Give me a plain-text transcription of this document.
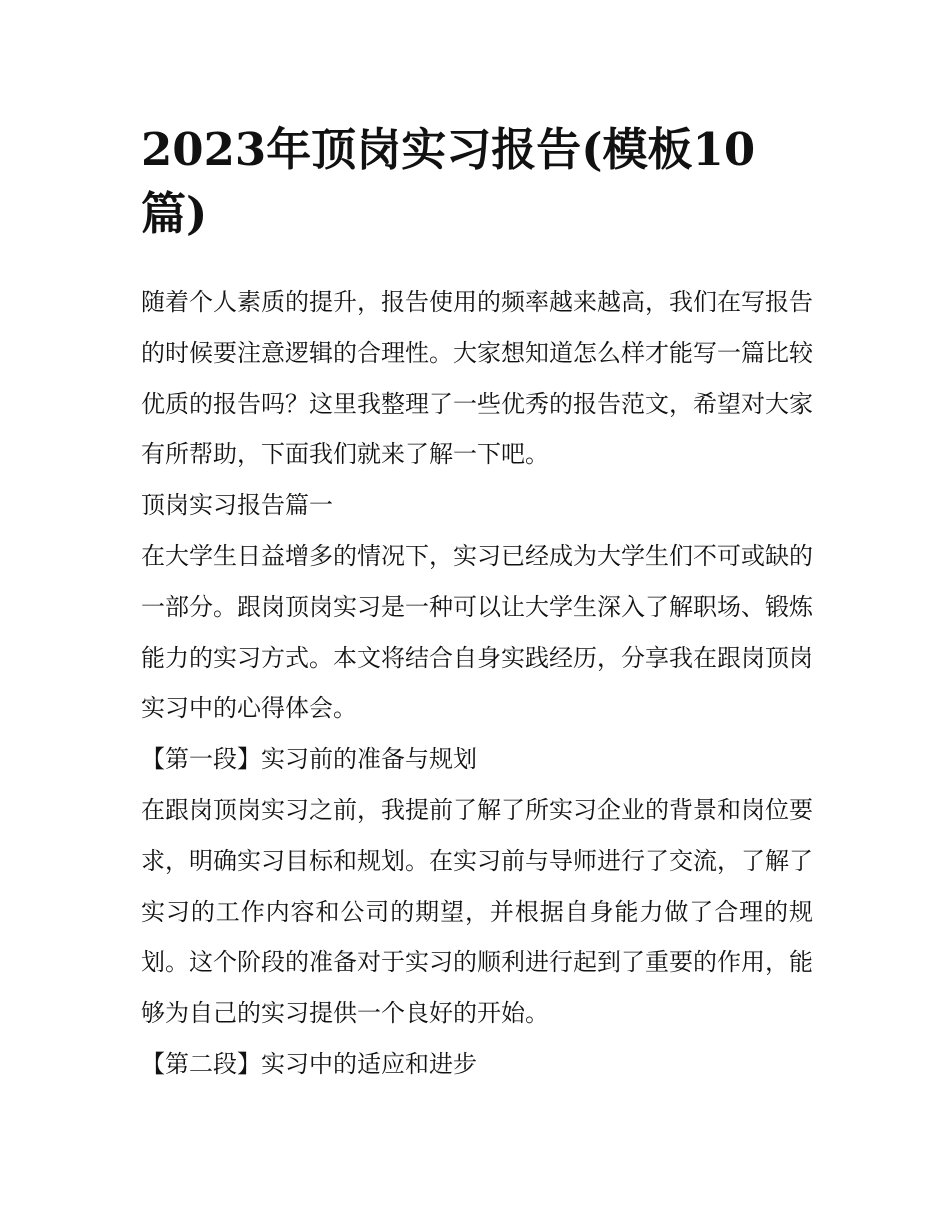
2023年顶岗实习报告(模板10篇)

随着个人素质的提升，报告使用的频率越来越高，我们在写报告的时候要注意逻辑的合理性。大家想知道怎么样才能写一篇比较优质的报告吗？这里我整理了一些优秀的报告范文，希望对大家有所帮助，下面我们就来了解一下吧。

顶岗实习报告篇一

在大学生日益增多的情况下，实习已经成为大学生们不可或缺的一部分。跟岗顶岗实习是一种可以让大学生深入了解职场、锻炼能力的实习方式。本文将结合自身实践经历，分享我在跟岗顶岗实习中的心得体会。

【第一段】实习前的准备与规划

在跟岗顶岗实习之前，我提前了解了所实习企业的背景和岗位要求，明确实习目标和规划。在实习前与导师进行了交流，了解了实习的工作内容和公司的期望，并根据自身能力做了合理的规划。这个阶段的准备对于实习的顺利进行起到了重要的作用，能够为自己的实习提供一个良好的开始。

【第二段】实习中的适应和进步
